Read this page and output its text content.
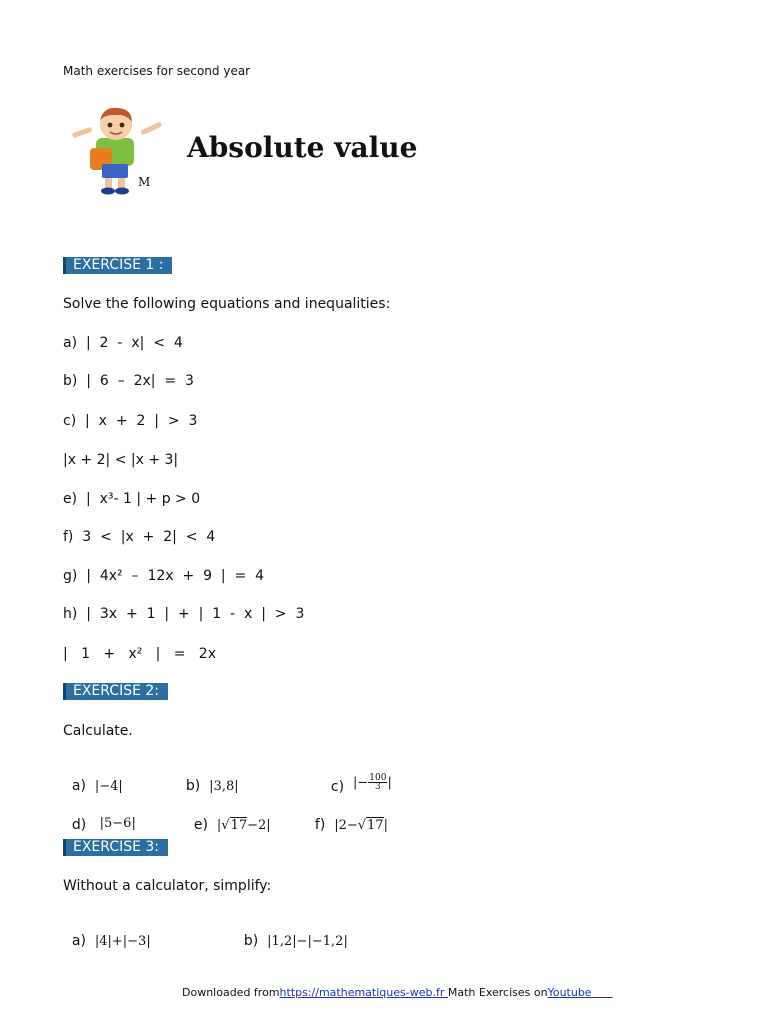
Math exercises for second year
M
Absolute value
EXERCISE 1 :
Solve the following equations and inequalities:
a)  |  2  -  x|  <  4
b)  |  6  –  2x|  =  3
c)  |  x  +  2  |  >  3
|x + 2| < |x + 3|
e)  |  x³- 1 | + p > 0
f)  3  <  |x  +  2|  <  4
g)  |  4x²  –  12x  +  9  |  =  4
h)  |  3x  +  1  |  +  |  1  -  x  |  >  3
|   1   +   x²   |   =   2x
EXERCISE 2:
Calculate.

a) |−4|	b) |3,8|	c) |− $\frac{100}{3}$ |

d) |5−6|	e) |√17−2|	f) |2−√17|

EXERCISE 3:
Without a calculator, simplify:

a) |4|+|−3|	b) |1,2|−|−1,2|

Downloaded fromhttps://mathematiques-web.fr Math Exercises onYoutube
